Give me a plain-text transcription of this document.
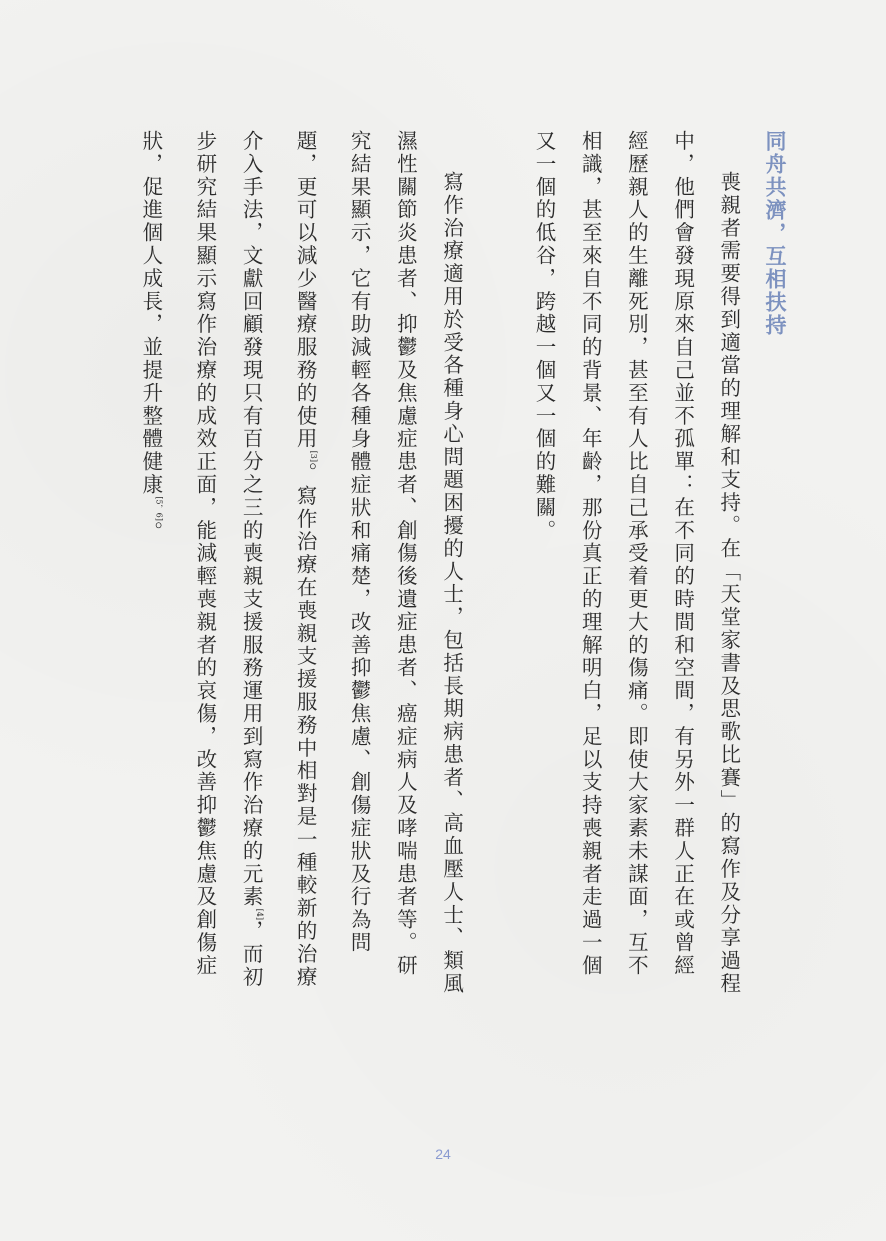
同舟共濟，互相扶持

喪親者需要得到適當的理解和支持。在「天堂家書及思歌比賽」的寫作及分享過程中，他們會發現原來自己並不孤單：在不同的時間和空間，有另外一群人正在或曾經經歷親人的生離死別，甚至有人比自己承受着更大的傷痛。即使大家素未謀面，互不相識，甚至來自不同的背景、年齡，那份真正的理解明白，足以支持喪親者走過一個又一個的低谷，跨越一個又一個的難關。

寫作治療適用於受各種身心問題困擾的人士，包括長期病患者、高血壓人士、類風濕性關節炎患者、抑鬱及焦慮症患者、創傷後遺症患者、癌症病人及哮喘患者等。研究結果顯示，它有助減輕各種身體症狀和痛楚，改善抑鬱焦慮、創傷症狀及行為問題，更可以減少醫療服務的使用[3]。寫作治療在喪親支援服務中相對是一種較新的治療介入手法，文獻回顧發現只有百分之三的喪親支援服務運用到寫作治療的元素[4]，而初步研究結果顯示寫作治療的成效正面，能減輕喪親者的哀傷，改善抑鬱焦慮及創傷症狀，促進個人成長，並提升整體健康[5，6]。

24
